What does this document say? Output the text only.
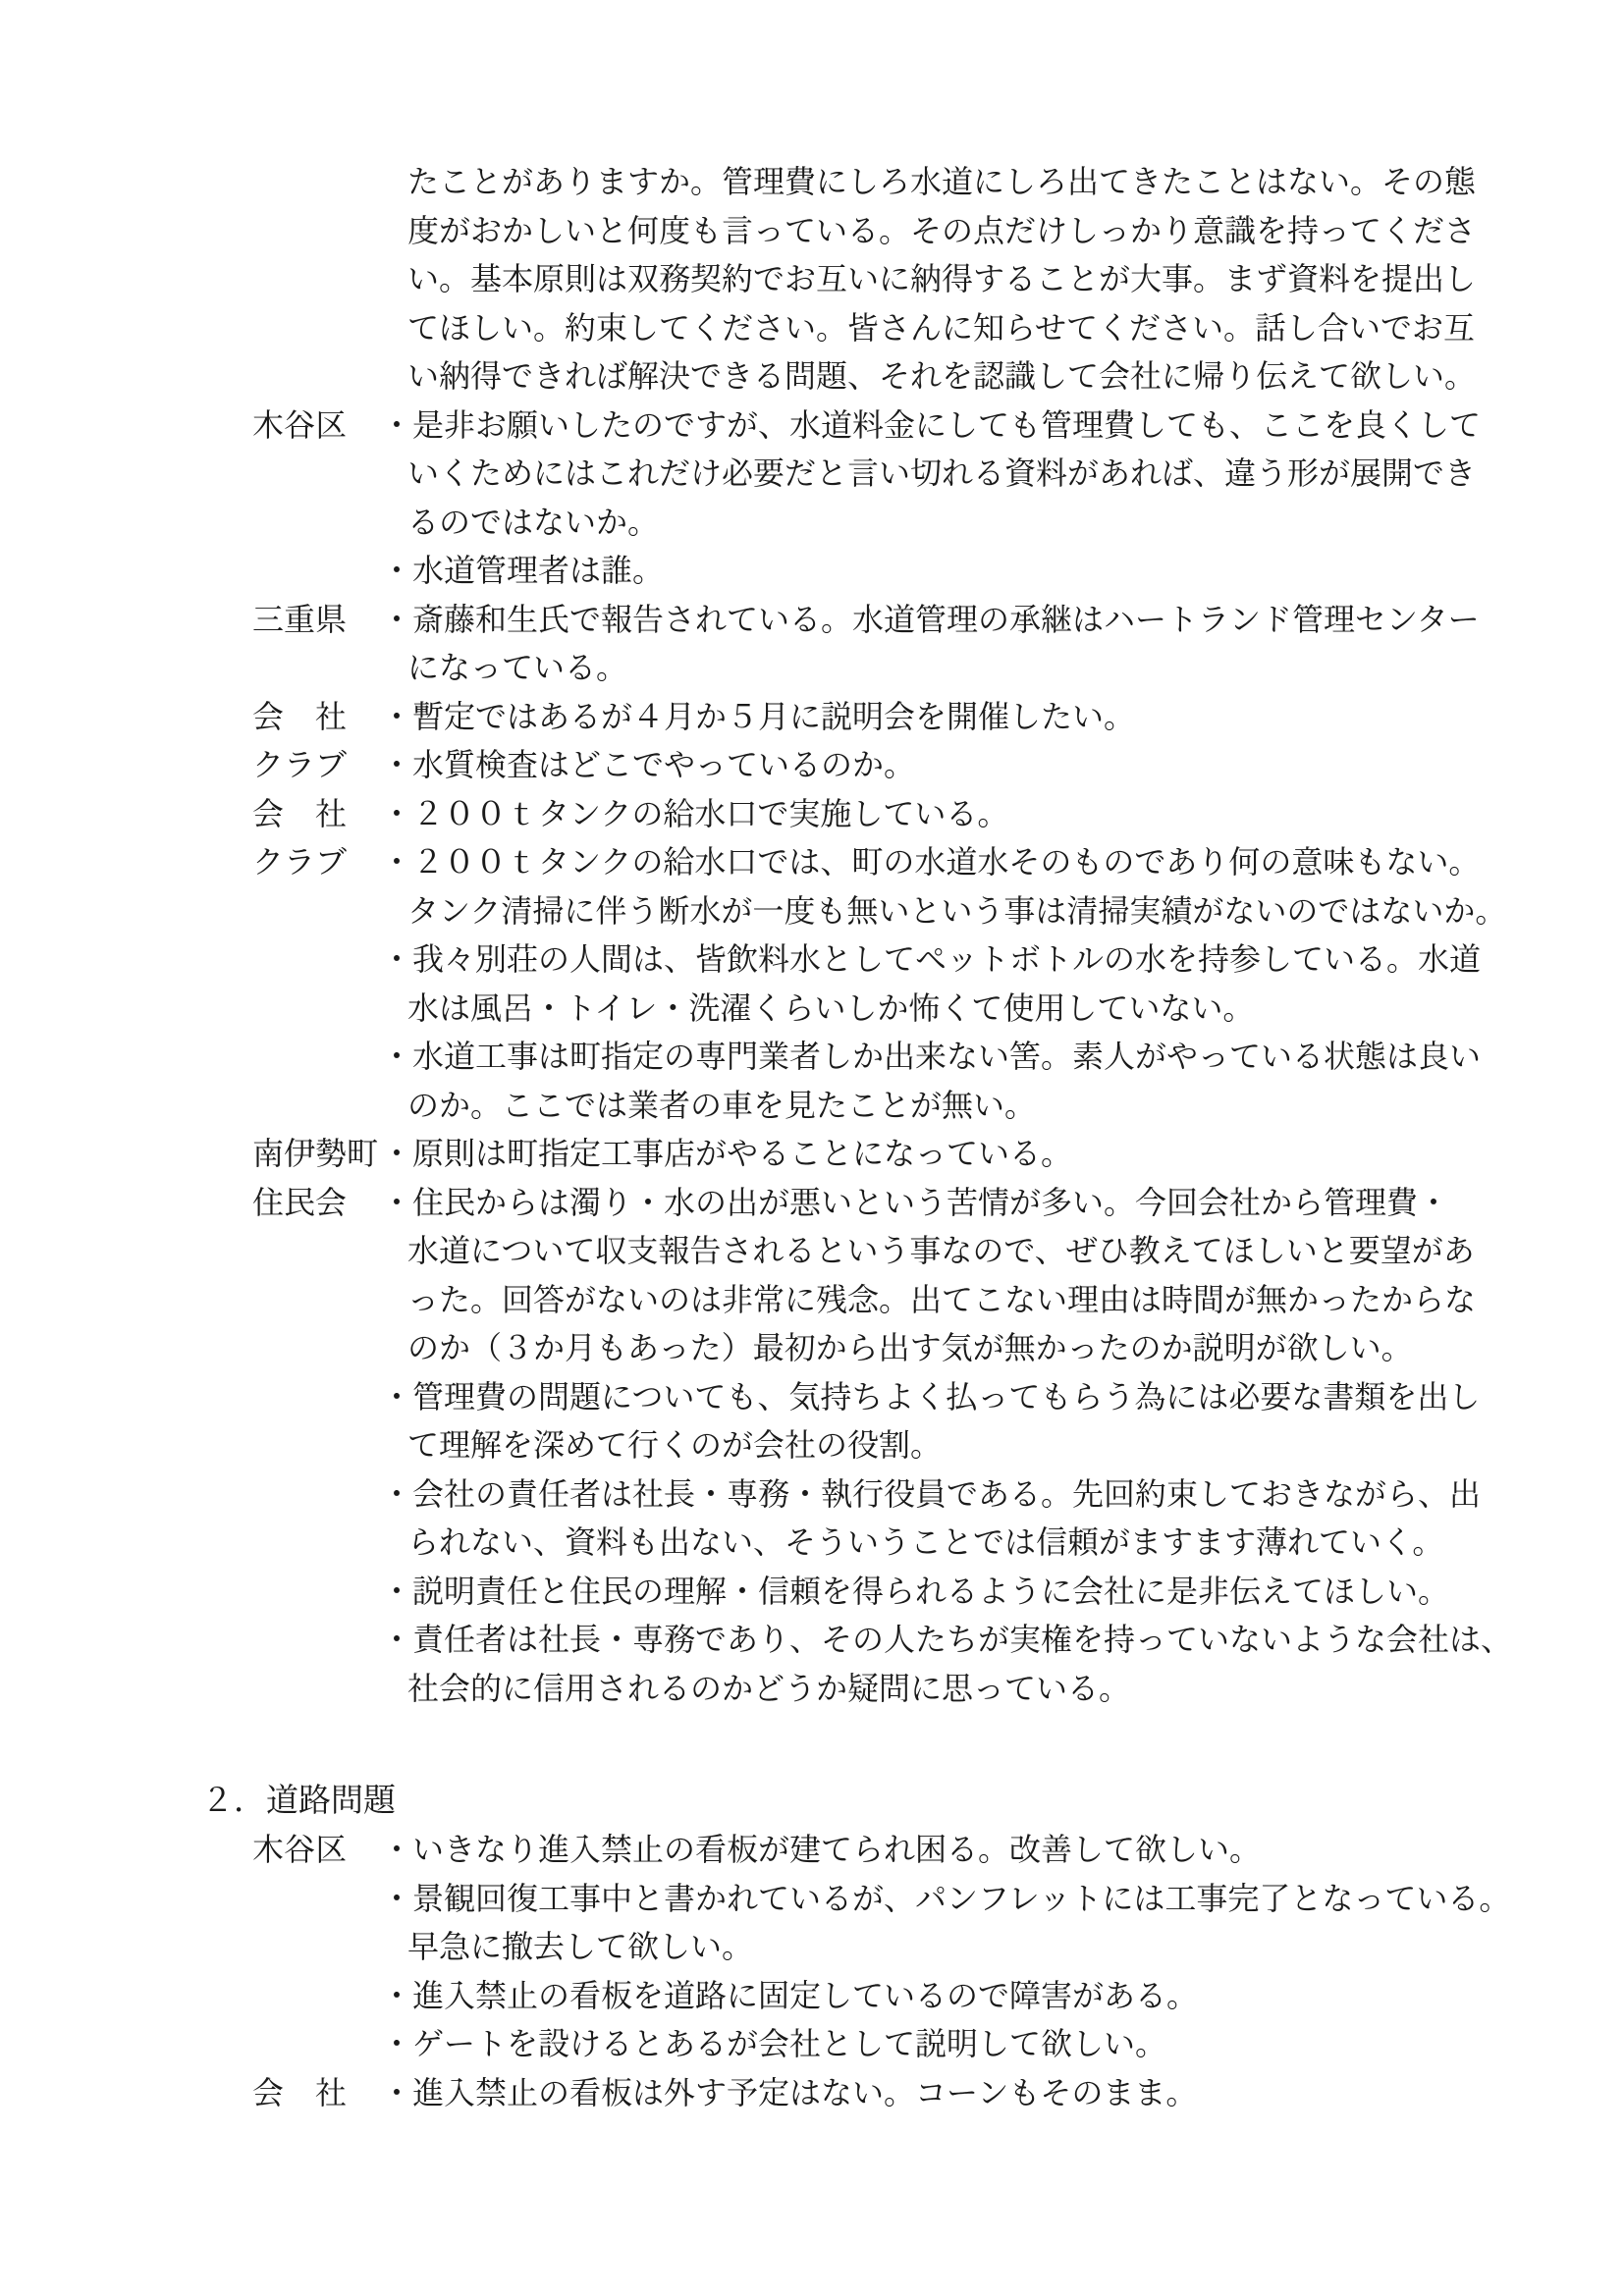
たことがありますか。管理費にしろ水道にしろ出てきたことはない。その態
度がおかしいと何度も言っている。その点だけしっかり意識を持ってくださ
い。基本原則は双務契約でお互いに納得することが大事。まず資料を提出し
てほしい。約束してください。皆さんに知らせてください。話し合いでお互
い納得できれば解決できる問題、それを認識して会社に帰り伝えて欲しい。
木谷区	・ 是非お願いしたのですが、水道料金にしても管理費しても、ここを良くして
いくためにはこれだけ必要だと言い切れる資料があれば、違う形が展開でき
るのではないか。
・ 水道管理者は誰。
三重県	・ 斎藤和生氏で報告されている。水道管理の承継はハートランド管理センター
になっている。
会　社	・ 暫定ではあるが４月か５月に説明会を開催したい。
クラブ	・ 水質検査はどこでやっているのか。
会　社	・ ２００ｔタンクの給水口で実施している。
クラブ	・ ２００ｔタンクの給水口では、町の水道水そのものであり何の意味もない。
タンク清掃に伴う断水が一度も無いという事は清掃実績がないのではないか。
・ 我々別荘の人間は、皆飲料水としてペットボトルの水を持参している。水道
水は風呂・トイレ・洗濯くらいしか怖くて使用していない。
・ 水道工事は町指定の専門業者しか出来ない筈。素人がやっている状態は良い
のか。ここでは業者の車を見たことが無い。
南伊勢町 ・ 原則は町指定工事店がやることになっている。
住民会	・ 住民からは濁り・水の出が悪いという苦情が多い。今回会社から管理費・
水道について収支報告されるという事なので、ぜひ教えてほしいと要望があ
った。回答がないのは非常に残念。出てこない理由は時間が無かったからな
のか（３か月もあった）最初から出す気が無かったのか説明が欲しい。
・ 管理費の問題についても、気持ちよく払ってもらう為には必要な書類を出し
て理解を深めて行くのが会社の役割。
・ 会社の責任者は社長・専務・執行役員である。先回約束しておきながら、出
られない、資料も出ない、そういうことでは信頼がますます薄れていく。
・ 説明責任と住民の理解・信頼を得られるように会社に是非伝えてほしい。
・ 責任者は社長・専務であり、その人たちが実権を持っていないような会社は、
社会的に信用されるのかどうか疑問に思っている。
２．道路問題
木谷区	・ いきなり進入禁止の看板が建てられ困る。改善して欲しい。
・ 景観回復工事中と書かれているが、パンフレットには工事完了となっている。
早急に撤去して欲しい。
・ 進入禁止の看板を道路に固定しているので障害がある。
・ ゲートを設けるとあるが会社として説明して欲しい。
会　社	・ 進入禁止の看板は外す予定はない。コーンもそのまま。
